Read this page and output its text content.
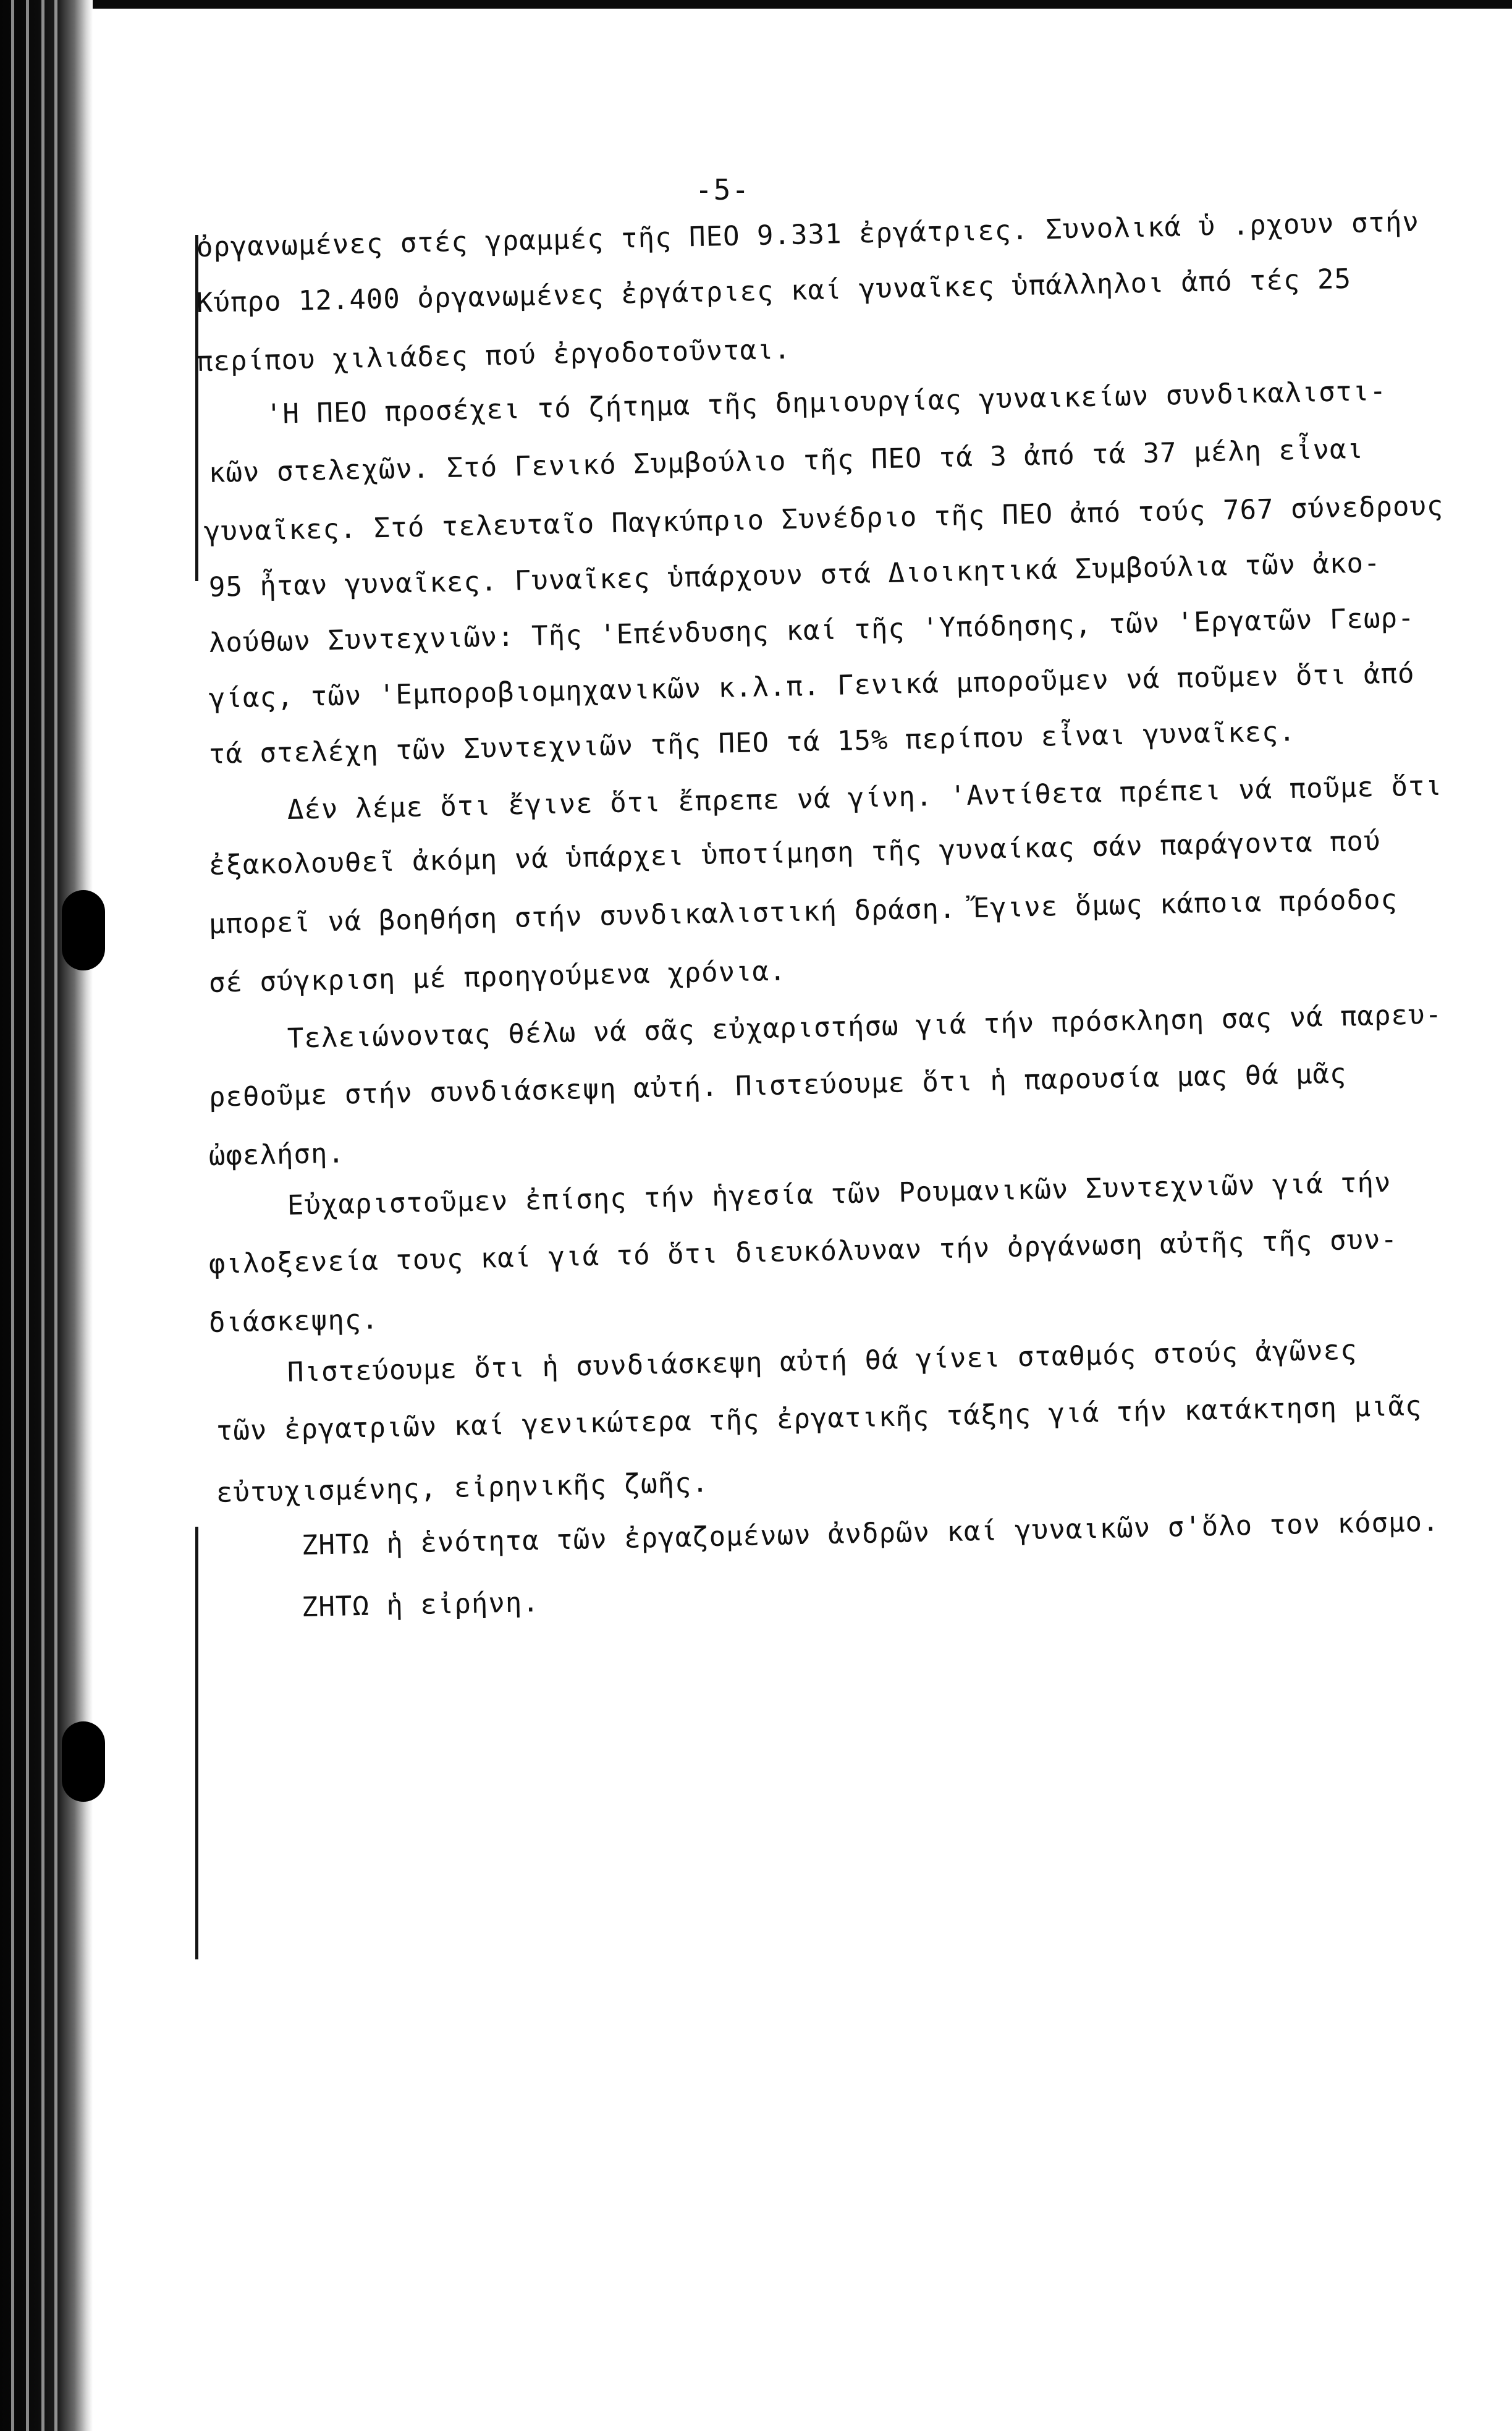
-5-
ὀργανωμένες στές γραμμές τῆς ΠΕΟ 9.331 ἐργάτριες. Συνολικά ὑ .ρχουν στήν
Κύπρο 12.400 ὀργανωμένες ἐργάτριες καί γυναῖκες ὑπάλληλοι ἀπό τές 25
περίπου χιλιάδες πού ἐργοδοτοῦνται.
'Η ΠΕΟ προσέχει τό ζήτημα τῆς δημιουργίας γυναικείων συνδικαλιστι-
κῶν στελεχῶν. Στό Γενικό Συμβούλιο τῆς ΠΕΟ τά 3 ἀπό τά 37 μέλη εἶναι
γυναῖκες. Στό τελευταῖο Παγκύπριο Συνέδριο τῆς ΠΕΟ ἀπό τούς 767 σύνεδρους
95 ἦταν γυναῖκες. Γυναῖκες ὑπάρχουν στά Διοικητικά Συμβούλια τῶν ἀκο-
λούθων Συντεχνιῶν: Τῆς 'Επένδυσης καί τῆς 'Υπόδησης, τῶν 'Εργατῶν Γεωρ-
γίας, τῶν 'Εμποροβιομηχανικῶν κ.λ.π. Γενικά μποροῦμεν νά ποῦμεν ὅτι ἀπό
τά στελέχη τῶν Συντεχνιῶν τῆς ΠΕΟ τά 15% περίπου εἶναι γυναῖκες.
Δέν λέμε ὅτι ἔγινε ὅτι ἔπρεπε νά γίνη. 'Αντίθετα πρέπει νά ποῦμε ὅτι
ἐξακολουθεῖ ἀκόμη νά ὑπάρχει ὑποτίμηση τῆς γυναίκας σάν παράγοντα πού
μπορεῖ νά βοηθήση στήν συνδικαλιστική δράση. Ἔγινε ὅμως κάποια πρόοδος
σέ σύγκριση μέ προηγούμενα χρόνια.
Τελειώνοντας θέλω νά σᾶς εὐχαριστήσω γιά τήν πρόσκληση σας νά παρευ-
ρεθοῦμε στήν συνδιάσκεψη αὐτή. Πιστεύουμε ὅτι ἡ παρουσία μας θά μᾶς
ὠφελήση.
Εὐχαριστοῦμεν ἐπίσης τήν ἡγεσία τῶν Ρουμανικῶν Συντεχνιῶν γιά τήν
φιλοξενεία τους καί γιά τό ὅτι διευκόλυναν τήν ὀργάνωση αὐτῆς τῆς συν-
διάσκεψης.
Πιστεύουμε ὅτι ἡ συνδιάσκεψη αὐτή θά γίνει σταθμός στούς ἀγῶνες
τῶν ἐργατριῶν καί γενικώτερα τῆς ἐργατικῆς τάξης γιά τήν κατάκτηση μιᾶς
εὐτυχισμένης, εἰρηνικῆς ζωῆς.
ΖΗΤΩ ἡ ἑνότητα τῶν ἐργαζομένων ἀνδρῶν καί γυναικῶν σ'ὅλο τον κόσμο.
ΖΗΤΩ ἡ εἰρήνη.
